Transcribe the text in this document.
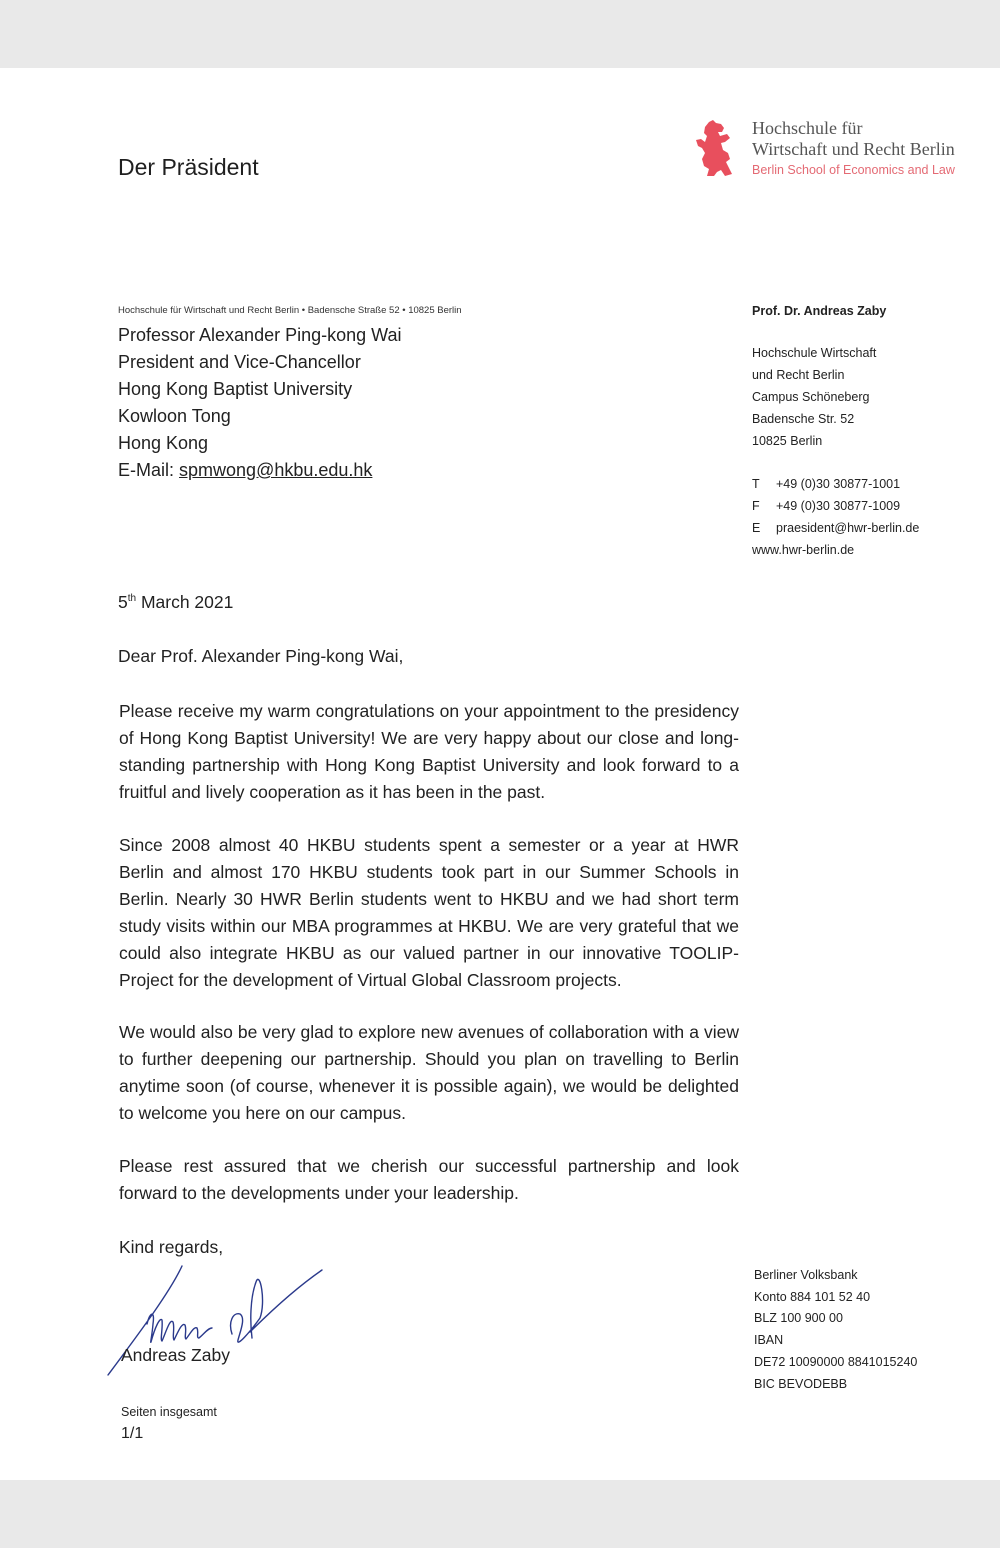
Der Präsident
Hochschule für
Wirtschaft und Recht Berlin
Berlin School of Economics and Law
Hochschule für Wirtschaft und Recht Berlin • Badensche Straße 52 • 10825 Berlin
Professor Alexander Ping-kong Wai
President and Vice-Chancellor
Hong Kong Baptist University
Kowloon Tong
Hong Kong
E-Mail: spmwong@hkbu.edu.hk
Prof. Dr. Andreas Zaby
Hochschule Wirtschaft
und Recht Berlin
Campus Schöneberg
Badensche Str. 52
10825 Berlin
T +49 (0)30 30877-1001
F +49 (0)30 30877-1009
E praesident@hwr-berlin.de
www.hwr-berlin.de
5th March 2021
Dear Prof. Alexander Ping-kong Wai,
Please receive my warm congratulations on your appointment to the presidency of Hong Kong Baptist University! We are very happy about our close and long-standing partnership with Hong Kong Baptist University and look forward to a fruitful and lively cooperation as it has been in the past.
Since 2008 almost 40 HKBU students spent a semester or a year at HWR Berlin and almost 170 HKBU students took part in our Summer Schools in Berlin. Nearly 30 HWR Berlin students went to HKBU and we had short term study visits within our MBA programmes at HKBU. We are very grateful that we could also integrate HKBU as our valued partner in our innovative TOOLIP-Project for the development of Virtual Global Classroom projects.
We would also be very glad to explore new avenues of collaboration with a view to further deepening our partnership. Should you plan on travelling to Berlin anytime soon (of course, whenever it is possible again), we would be delighted to welcome you here on our campus.
Please rest assured that we cherish our successful partnership and look forward to the developments under your leadership.
Kind regards,
Andreas Zaby
Berliner Volksbank
Konto 884 101 52 40
BLZ 100 900 00
IBAN
DE72 10090000 8841015240
BIC BEVODEBB
Seiten insgesamt
1/1
